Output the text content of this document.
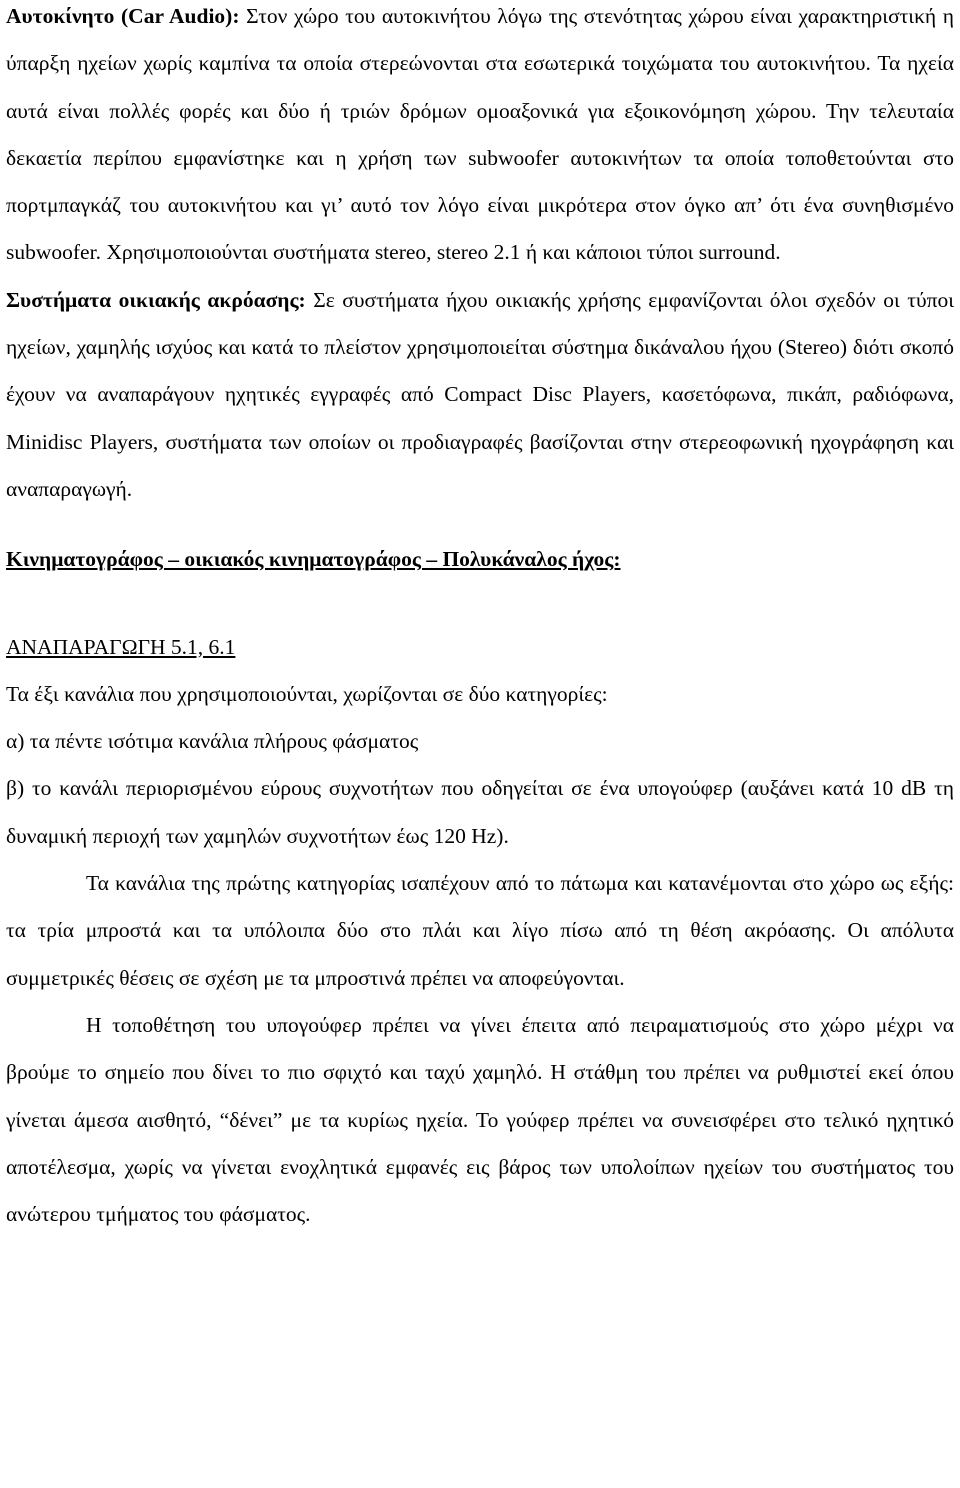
Αυτοκίνητο (Car Audio): Στον χώρο του αυτοκινήτου λόγω της στενότητας χώρου είναι χαρακτηριστική η ύπαρξη ηχείων χωρίς καμπίνα τα οποία στερεώνονται στα εσωτερικά τοιχώματα του αυτοκινήτου. Τα ηχεία αυτά είναι πολλές φορές και δύο ή τριών δρόμων ομοαξονικά για εξοικονόμηση χώρου. Την τελευταία δεκαετία περίπου εμφανίστηκε και η χρήση των subwoofer αυτοκινήτων τα οποία τοποθετούνται στο πορτμπαγκάζ του αυτοκινήτου και γι’ αυτό τον λόγο είναι μικρότερα στον όγκο απ’ ότι ένα συνηθισμένο subwoofer. Χρησιμοποιούνται συστήματα stereo, stereo 2.1 ή και κάποιοι τύποι surround.

Συστήματα οικιακής ακρόασης: Σε συστήματα ήχου οικιακής χρήσης εμφανίζονται όλοι σχεδόν οι τύποι ηχείων, χαμηλής ισχύος και κατά το πλείστον χρησιμοποιείται σύστημα δικάναλου ήχου (Stereo) διότι σκοπό έχουν να αναπαράγουν ηχητικές εγγραφές από Compact Disc Players, κασετόφωνα, πικάπ, ραδιόφωνα, Minidisc Players, συστήματα των οποίων οι προδιαγραφές βασίζονται στην στερεοφωνική ηχογράφηση και αναπαραγωγή.

Κινηματογράφος – οικιακός κινηματογράφος – Πολυκάναλος ήχος:

ΑΝΑΠΑΡΑΓΩΓΗ 5.1, 6.1

Τα έξι κανάλια που χρησιμοποιούνται, χωρίζονται σε δύο κατηγορίες:

α) τα πέντε ισότιμα κανάλια πλήρους φάσματος

β) το κανάλι περιορισμένου εύρους συχνοτήτων που οδηγείται σε ένα υπογούφερ (αυξάνει κατά 10 dB τη δυναμική περιοχή των χαμηλών συχνοτήτων έως 120 Hz).

Τα κανάλια της πρώτης κατηγορίας ισαπέχουν από το πάτωμα και κατανέμονται στο χώρο ως εξής: τα τρία μπροστά και τα υπόλοιπα δύο στο πλάι και λίγο πίσω από τη θέση ακρόασης. Οι απόλυτα συμμετρικές θέσεις σε σχέση με τα μπροστινά πρέπει να αποφεύγονται.

Η τοποθέτηση του υπογούφερ πρέπει να γίνει έπειτα από πειραματισμούς στο χώρο μέχρι να βρούμε το σημείο που δίνει το πιο σφιχτό και ταχύ χαμηλό. Η στάθμη του πρέπει να ρυθμιστεί εκεί όπου γίνεται άμεσα αισθητό, “δένει” με τα κυρίως ηχεία. Το γούφερ πρέπει να συνεισφέρει στο τελικό ηχητικό αποτέλεσμα, χωρίς να γίνεται ενοχλητικά εμφανές εις βάρος των υπολοίπων ηχείων του συστήματος του ανώτερου τμήματος του φάσματος.
